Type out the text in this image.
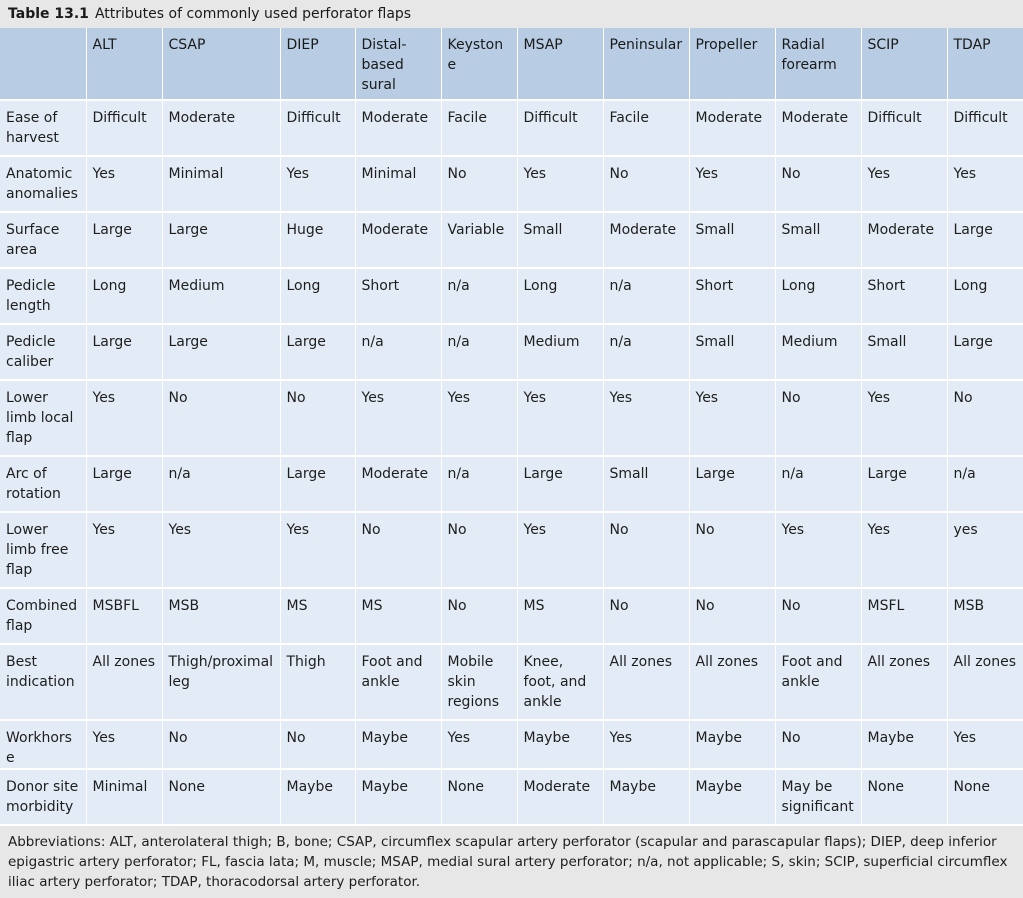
Table 13.1 Attributes of commonly used perforator flaps
	ALT	CSAP	DIEP	Distal-based sural	Keystone	MSAP	Peninsular	Propeller	Radial forearm	SCIP	TDAP
Ease of harvest	Difficult	Moderate	Difficult	Moderate	Facile	Difficult	Facile	Moderate	Moderate	Difficult	Difficult
Anatomic anomalies	Yes	Minimal	Yes	Minimal	No	Yes	No	Yes	No	Yes	Yes
Surface area	Large	Large	Huge	Moderate	Variable	Small	Moderate	Small	Small	Moderate	Large
Pedicle length	Long	Medium	Long	Short	n/a	Long	n/a	Short	Long	Short	Long
Pedicle caliber	Large	Large	Large	n/a	n/a	Medium	n/a	Small	Medium	Small	Large
Lower limb local flap	Yes	No	No	Yes	Yes	Yes	Yes	Yes	No	Yes	No
Arc of rotation	Large	n/a	Large	Moderate	n/a	Large	Small	Large	n/a	Large	n/a
Lower limb free flap	Yes	Yes	Yes	No	No	Yes	No	No	Yes	Yes	yes
Combined flap	MSBFL	MSB	MS	MS	No	MS	No	No	No	MSFL	MSB
Best indication	All zones	Thigh/proximal leg	Thigh	Foot and ankle	Mobile skin regions	Knee, foot, and ankle	All zones	All zones	Foot and ankle	All zones	All zones
Workhorse	Yes	No	No	Maybe	Yes	Maybe	Yes	Maybe	No	Maybe	Yes
Donor site morbidity	Minimal	None	Maybe	Maybe	None	Moderate	Maybe	Maybe	May be significant	None	None
Abbreviations: ALT, anterolateral thigh; B, bone; CSAP, circumflex scapular artery perforator (scapular and parascapular flaps); DIEP, deep inferior epigastric artery perforator; FL, fascia lata; M, muscle; MSAP, medial sural artery perforator; n/a, not applicable; S, skin; SCIP, superficial circumflex iliac artery perforator; TDAP, thoracodorsal artery perforator.
